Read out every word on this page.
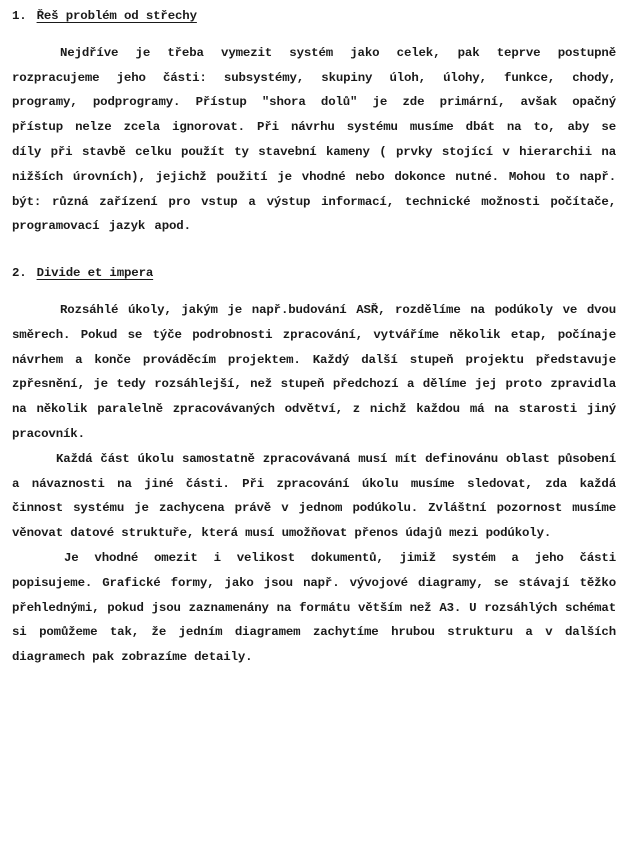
1. Řeš problém od střechy

Nejdříve je třeba vymezit systém jako celek, pak teprve postupně rozpracujeme jeho části: subsystémy, skupiny úloh, úlohy, funkce, chody, programy, podprogramy. Přístup "shora dolů" je zde primární, avšak opačný přístup nelze zcela ignorovat. Při návrhu systému musíme dbát na to, aby se díly při stavbě celku použít ty stavební kameny ( prvky stojící v hierarchii na nižších úrovních), jejichž použití je vhodné nebo dokonce nutné. Mohou to např. být: různá zařízení pro vstup a výstup informací, technické možnosti počítače, programovací jazyk apod.

2. Divide et impera

Rozsáhlé úkoly, jakým je např.budování ASŘ, rozdělíme na podúkoly ve dvou směrech. Pokud se týče podrobnosti zpracování, vytváříme několik etap, počínaje návrhem a konče prováděcím projektem. Každý další stupeň projektu představuje zpřesnění, je tedy rozsáhlejší, než stupeň předchozí a dělíme jej proto zpravidla na několik paralelně zpracovávaných odvětví, z nichž každou má na starosti jiný pracovník.

Každá část úkolu samostatně zpracovávaná musí mít definovánu oblast působení a návaznosti na jiné části. Při zpracování úkolu musíme sledovat, zda každá činnost systému je zachycena právě v jednom podúkolu. Zvláštní pozornost musíme věnovat datové struktuře, která musí umožňovat přenos údajů mezi podúkoly.

Je vhodné omezit i velikost dokumentů, jimiž systém a jeho části popisujeme. Grafické formy, jako jsou např. vývojové diagramy, se stávají těžko přehlednými, pokud jsou zaznamenány na formátu větším než A3. U rozsáhlých schémat si pomůžeme tak, že jedním diagramem zachytíme hrubou strukturu a v dalších diagramech pak zobrazíme detaily.
